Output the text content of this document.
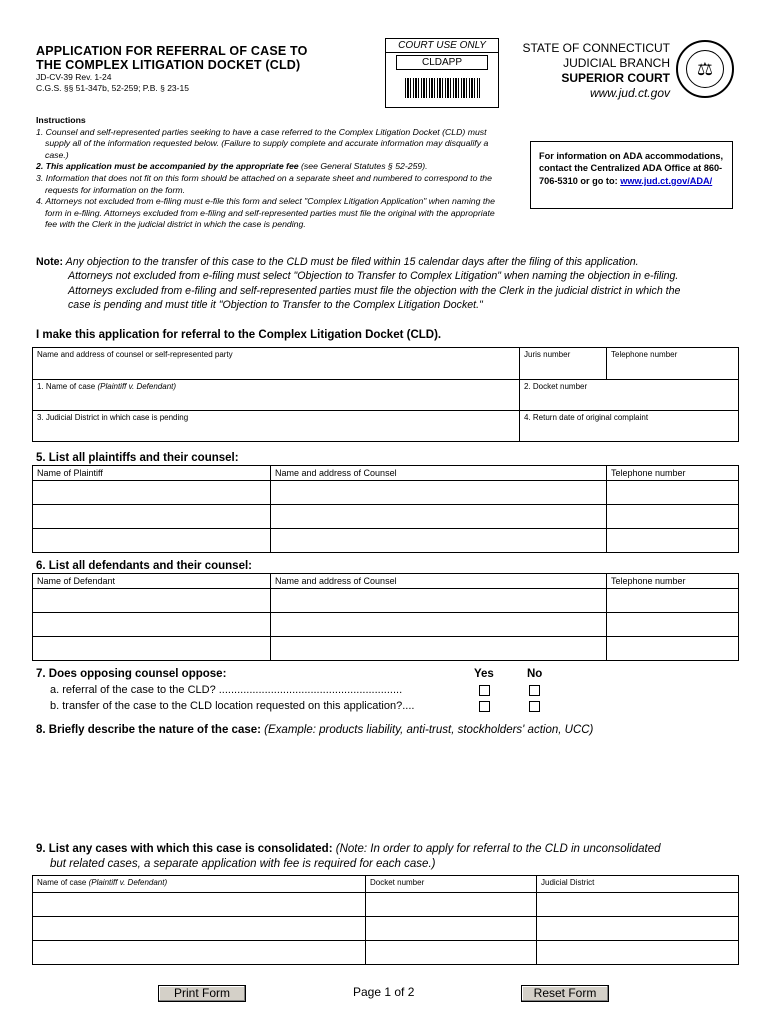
APPLICATION FOR REFERRAL OF CASE TO
THE COMPLEX LITIGATION DOCKET (CLD)
JD-CV-39 Rev. 1-24
C.G.S. §§ 51-347b, 52-259; P.B. § 23-15
COURT USE ONLY
CLDAPP
STATE OF CONNECTICUT
JUDICIAL BRANCH
SUPERIOR COURT
www.jud.ct.gov
⚖
Instructions
1. Counsel and self-represented parties seeking to have a case referred to the Complex Litigation Docket (CLD) must supply all of the information requested below. (Failure to supply complete and accurate information may disqualify a case.)
2. This application must be accompanied by the appropriate fee (see General Statutes § 52-259).
3. Information that does not fit on this form should be attached on a separate sheet and numbered to correspond to the requests for information on the form.
4. Attorneys not excluded from e-filing must e-file this form and select "Complex Litigation Application" when naming the form in e-filing. Attorneys excluded from e-filing and self-represented parties must file the original with the appropriate fee with the Clerk in the judicial district in which the case is pending.
For information on ADA accommodations, contact the Centralized ADA Office at 860-706-5310 or go to: www.jud.ct.gov/ADA/
Note: Any objection to the transfer of this case to the CLD must be filed within 15 calendar days after the filing of this application.
Attorneys not excluded from e-filing must select "Objection to Transfer to Complex Litigation" when naming the objection in e-filing.
Attorneys excluded from e-filing and self-represented parties must file the objection with the Clerk in the judicial district in which the
case is pending and must title it "Objection to Transfer to the Complex Litigation Docket."
I make this application for referral to the Complex Litigation Docket (CLD).
Name and address of counsel or self-represented party	Juris number	Telephone number
1. Name of case (Plaintiff v. Defendant)	2. Docket number	
3. Judicial District in which case is pending	4. Return date of original complaint	
5. List all plaintiffs and their counsel:
Name of Plaintiff	Name and address of Counsel	Telephone number

6. List all defendants and their counsel:
Name of Defendant	Name and address of Counsel	Telephone number

7. Does opposing counsel oppose:	Yes	No
a. referral of the case to the CLD? ............................................................
b. transfer of the case to the CLD location requested on this application?....
8. Briefly describe the nature of the case: (Example: products liability, anti-trust, stockholders' action, UCC)
9. List any cases with which this case is consolidated: (Note: In order to apply for referral to the CLD in unconsolidated
but related cases, a separate application with fee is required for each case.)
Name of case (Plaintiff v. Defendant)	Docket number	Judicial District

Print Form	Page 1 of 2	Reset Form
